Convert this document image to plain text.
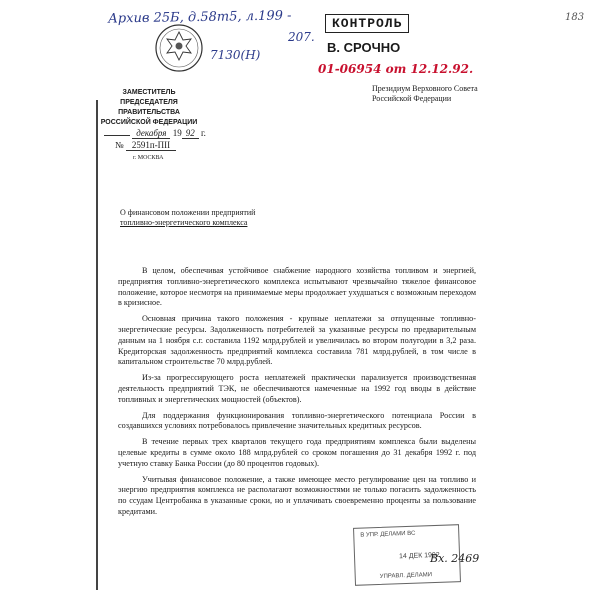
Архив 25Б, д.58т5, л.199 -
207.
7130(Н)
183
КОНТРОЛЬ
В. СРОЧНО
01-06954 от 12.12.92.
ЗАМЕСТИТЕЛЬ ПРЕДСЕДАТЕЛЯ
ПРАВИТЕЛЬСТВА
РОССИЙСКОЙ ФЕДЕРАЦИИ
декабря 19 92 г.
№ 2591п-ПII
г. МОСКВА
Президиум Верховного Совета
Российской Федерации
О финансовом положении предприятий
топливно-энергетического комплекса

В целом, обеспечивая устойчивое снабжение народного хозяйства топливом и энергией, предприятия топливно-энергетического комплекса испытывают чрезвычайно тяжелое финансовое положение, которое несмотря на принимаемые меры продолжает ухудшаться с возможным переходом в кризисное.

Основная причина такого положения - крупные неплатежи за отпущенные топливно-энергетические ресурсы. Задолженность потребителей за указанные ресурсы по предварительным данным на 1 ноября с.г. составила 1192 млрд.рублей и увеличилась во втором полугодии в 3,2 раза. Кредиторская задолженность предприятий комплекса составила 781 млрд.рублей, в том числе в капитальном строительстве 70 млрд.рублей.

Из-за прогрессирующего роста неплатежей практически парализуется производственная деятельность предприятий ТЭК, не обеспечиваются намеченные на 1992 год вводы в действие топливных и энергетических мощностей (объектов).

Для поддержания функционирования топливно-энергетического потенциала России в создавшихся условиях потребовалось привлечение значительных кредитных ресурсов.

В течение первых трех кварталов текущего года предприятиям комплекса были выделены целевые кредиты в сумме около 188 млрд.рублей со сроком погашения до 31 декабря 1992 г. под учетную ставку Банка России (до 80 процентов годовых).

Учитывая финансовое положение, а также имеющее место регулирование цен на топливо и энергию предприятия комплекса не располагают возможностями не только погасить задолженность по ссудам Центробанка в указанные сроки, но и уплачивать своевременно проценты за пользование кредитами.

В УПР. ДЕЛАМИ ВС
14 ДЕК 1992
УПРАВЛ. ДЕЛАМИ
Вх. 2469
